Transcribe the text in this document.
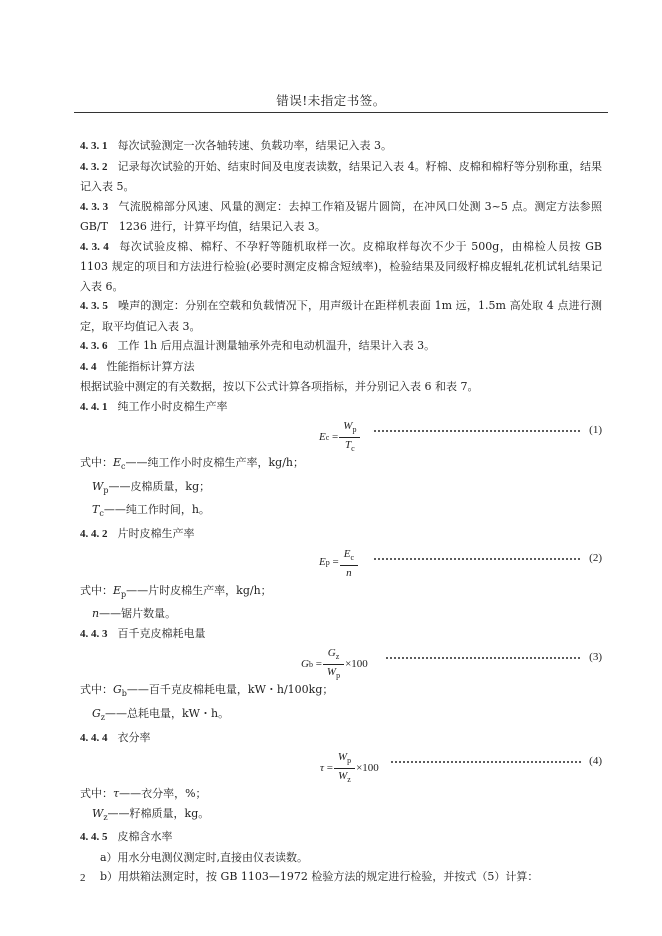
错误!未指定书签。

4. 3. 1 每次试验测定一次各轴转速、负载功率，结果记入表 3。

4. 3. 2 记录每次试验的开始、结束时间及电度表读数，结果记入表 4。籽棉、皮棉和棉籽等分别称重，结果记入表 5。

4. 3. 3 气流脱棉部分风速、风量的测定：去掉工作箱及锯片圆筒，在冲风口处测 3~5 点。测定方法参照 GB/T　1236 进行，计算平均值，结果记入表 3。

4. 3. 4 每次试验皮棉、棉籽、不孕籽等随机取样一次。皮棉取样每次不少于 500g，由棉检人员按 GB 1103 规定的项目和方法进行检验(必要时测定皮棉含短绒率)，检验结果及同级籽棉皮辊轧花机试轧结果记入表 6。

4. 3. 5 噪声的测定：分别在空载和负载情况下，用声级计在距样机表面 1m 远，1.5m 高处取 4 点进行测定，取平均值记入表 3。

4. 3. 6 工作 1h 后用点温计测量轴承外壳和电动机温升，结果计入表 3。

4. 4 性能指标计算方法

根据试验中测定的有关数据，按以下公式计算各项指标，并分别记入表 6 和表 7。

4. 4. 1 纯工作小时皮棉生产率

E $c = \frac{W_p}{T_c}$	(1)

式中：$E_c——$纯工作小时皮棉生产率，kg/h；

$W_p——$皮棉质量，kg；

$T_c——$纯工作时间，h。

4. 4. 2 片时皮棉生产率

E $p = \frac{E_c}{n}$	(2)

式中：$E_p——$片时皮棉生产率，kg/h；

n——锯片数量。

4. 4. 3 百千克皮棉耗电量

G $b = \frac{G_z}{W_p} \times 100$
(3)

式中：$G_b——$百千克皮棉耗电量，kW・h/100kg；

$G_z——$总耗电量，kW・h。

4. 4. 4 衣分率

$\tau = \frac{W_p}{W_z} \times 100$
(4)

式中：τ——衣分率，%；

$W_z——$籽棉质量，kg。

4. 4. 5 皮棉含水率

a）用水分电测仪测定时,直接由仪表读数。

b）用烘箱法测定时，按 GB 1103—1972 检验方法的规定进行检验，并按式（5）计算：

2
